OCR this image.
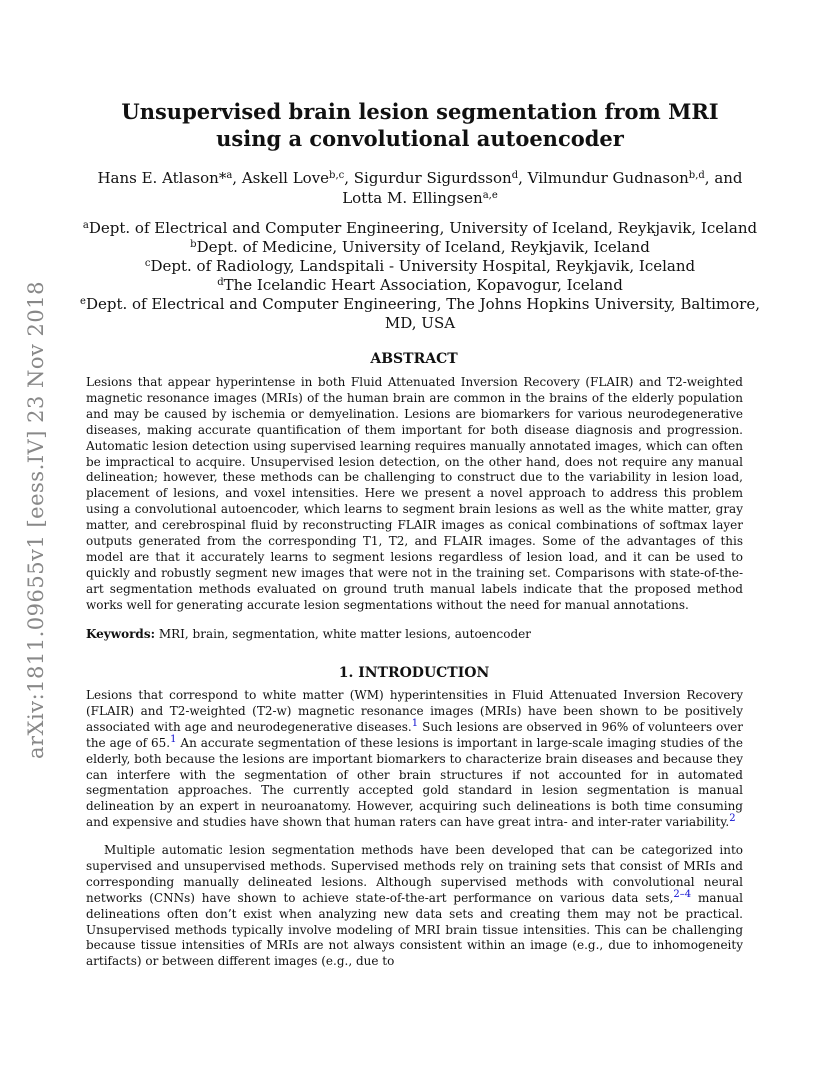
arXiv:1811.09655v1 [eess.IV] 23 Nov 2018
Unsupervised brain lesion segmentation from MRI using a convolutional autoencoder
Hans E. Atlason*$^a$, Askell Love$^{b,c}$, Sigurdur Sigurdsson$^d$, Vilmundur Gudnason$^{b,d}$, and
Lotta M. Ellingsen$^{a,e}$
$^a$Dept. of Electrical and Computer Engineering, University of Iceland, Reykjavik, Iceland
$^b$Dept. of Medicine, University of Iceland, Reykjavik, Iceland
$^c$Dept. of Radiology, Landspitali - University Hospital, Reykjavik, Iceland
$^d$The Icelandic Heart Association, Kopavogur, Iceland
$^e$Dept. of Electrical and Computer Engineering, The Johns Hopkins University, Baltimore,
MD, USA
ABSTRACT

Lesions that appear hyperintense in both Fluid Attenuated Inversion Recovery (FLAIR) and T2-weighted magnetic resonance images (MRIs) of the human brain are common in the brains of the elderly population and may be caused by ischemia or demyelination. Lesions are biomarkers for various neurodegenerative diseases, making accurate quantification of them important for both disease diagnosis and progression. Automatic lesion detection using supervised learning requires manually annotated images, which can often be impractical to acquire. Unsupervised lesion detection, on the other hand, does not require any manual delineation; however, these methods can be challenging to construct due to the variability in lesion load, placement of lesions, and voxel intensities. Here we present a novel approach to address this problem using a convolutional autoencoder, which learns to segment brain lesions as well as the white matter, gray matter, and cerebrospinal fluid by reconstructing FLAIR images as conical combinations of softmax layer outputs generated from the corresponding T1, T2, and FLAIR images. Some of the advantages of this model are that it accurately learns to segment lesions regardless of lesion load, and it can be used to quickly and robustly segment new images that were not in the training set. Comparisons with state-of-the-art segmentation methods evaluated on ground truth manual labels indicate that the proposed method works well for generating accurate lesion segmentations without the need for manual annotations.

Keywords: MRI, brain, segmentation, white matter lesions, autoencoder

1. INTRODUCTION

Lesions that correspond to white matter (WM) hyperintensities in Fluid Attenuated Inversion Recovery (FLAIR) and T2-weighted (T2-w) magnetic resonance images (MRIs) have been shown to be positively associated with age and neurodegenerative diseases.$^1$ Such lesions are observed in 96% of volunteers over the age of 65.$^1$ An accurate segmentation of these lesions is important in large-scale imaging studies of the elderly, both because the lesions are important biomarkers to characterize brain diseases and because they can interfere with the segmentation of other brain structures if not accounted for in automated segmentation approaches. The currently accepted gold standard in lesion segmentation is manual delineation by an expert in neuroanatomy. However, acquiring such delineations is both time consuming and expensive and studies have shown that human raters can have great intra- and inter-rater variability.$^2$

Multiple automatic lesion segmentation methods have been developed that can be categorized into supervised and unsupervised methods. Supervised methods rely on training sets that consist of MRIs and corresponding manually delineated lesions. Although supervised methods with convolutional neural networks (CNNs) have shown to achieve state-of-the-art performance on various data sets,$^{2-4}$ manual delineations often don’t exist when analyzing new data sets and creating them may not be practical. Unsupervised methods typically involve modeling of MRI brain tissue intensities. This can be challenging because tissue intensities of MRIs are not always consistent within an image (e.g., due to inhomogeneity artifacts) or between different images (e.g., due to
